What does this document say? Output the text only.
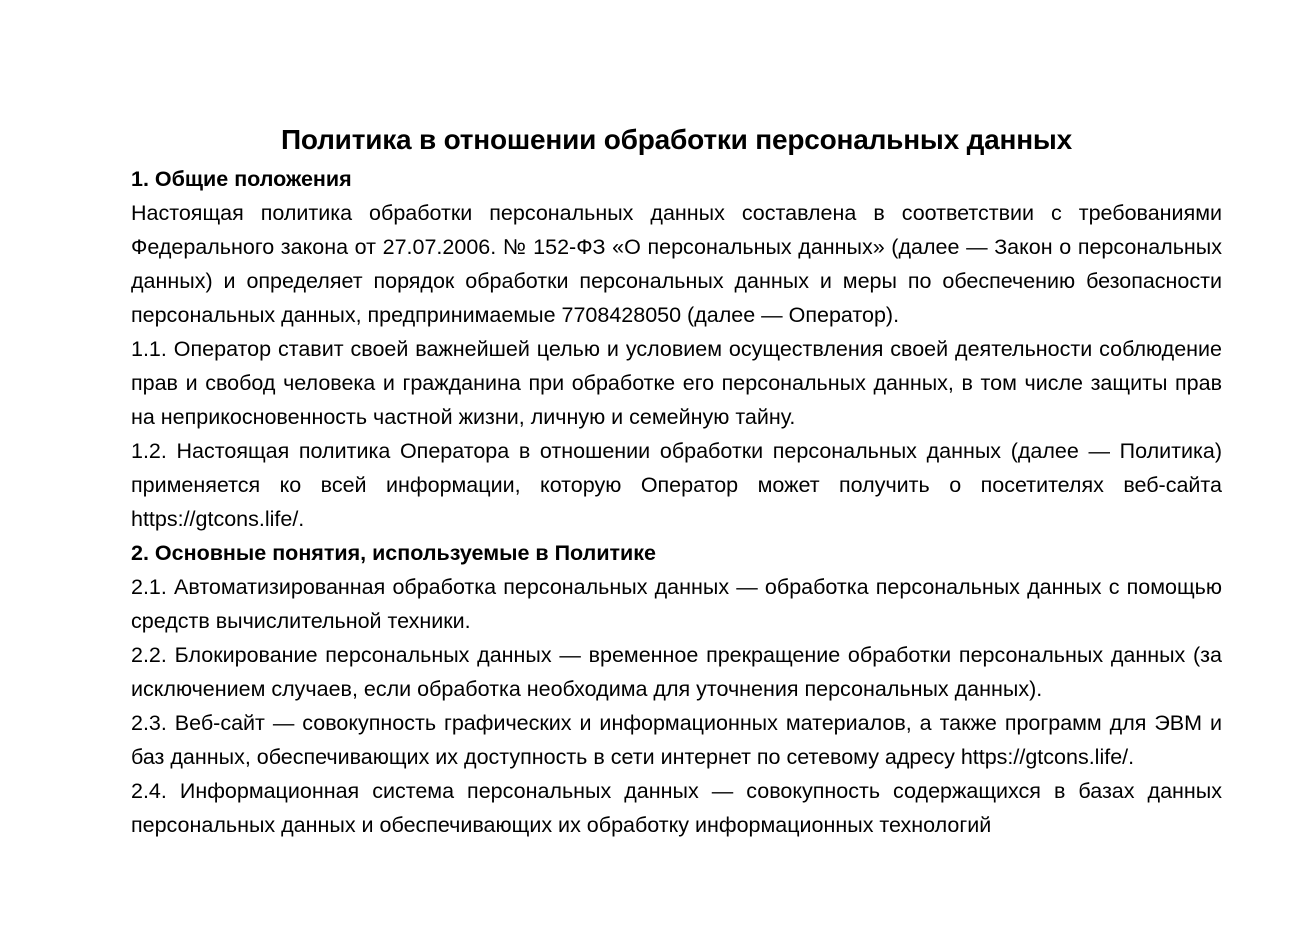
Политика в отношении обработки персональных данных
1. Общие положения

Настоящая политика обработки персональных данных составлена в соответствии с требованиями Федерального закона от 27.07.2006. № 152-ФЗ «О персональных данных» (далее — Закон о персональных данных) и определяет порядок обработки персональных данных и меры по обеспечению безопасности персональных данных, предпринимаемые 7708428050 (далее — Оператор).

1.1. Оператор ставит своей важнейшей целью и условием осуществления своей деятельности соблюдение прав и свобод человека и гражданина при обработке его персональных данных, в том числе защиты прав на неприкосновенность частной жизни, личную и семейную тайну.

1.2. Настоящая политика Оператора в отношении обработки персональных данных (далее — Политика) применяется ко всей информации, которую Оператор может получить о посетителях веб-сайта https://gtcons.life/.

2. Основные понятия, используемые в Политике

2.1. Автоматизированная обработка персональных данных — обработка персональных данных с помощью средств вычислительной техники.

2.2. Блокирование персональных данных — временное прекращение обработки персональных данных (за исключением случаев, если обработка необходима для уточнения персональных данных).

2.3. Веб-сайт — совокупность графических и информационных материалов, а также программ для ЭВМ и баз данных, обеспечивающих их доступность в сети интернет по сетевому адресу https://gtcons.life/.

2.4. Информационная система персональных данных — совокупность содержащихся в базах данных персональных данных и обеспечивающих их обработку информационных технологий
